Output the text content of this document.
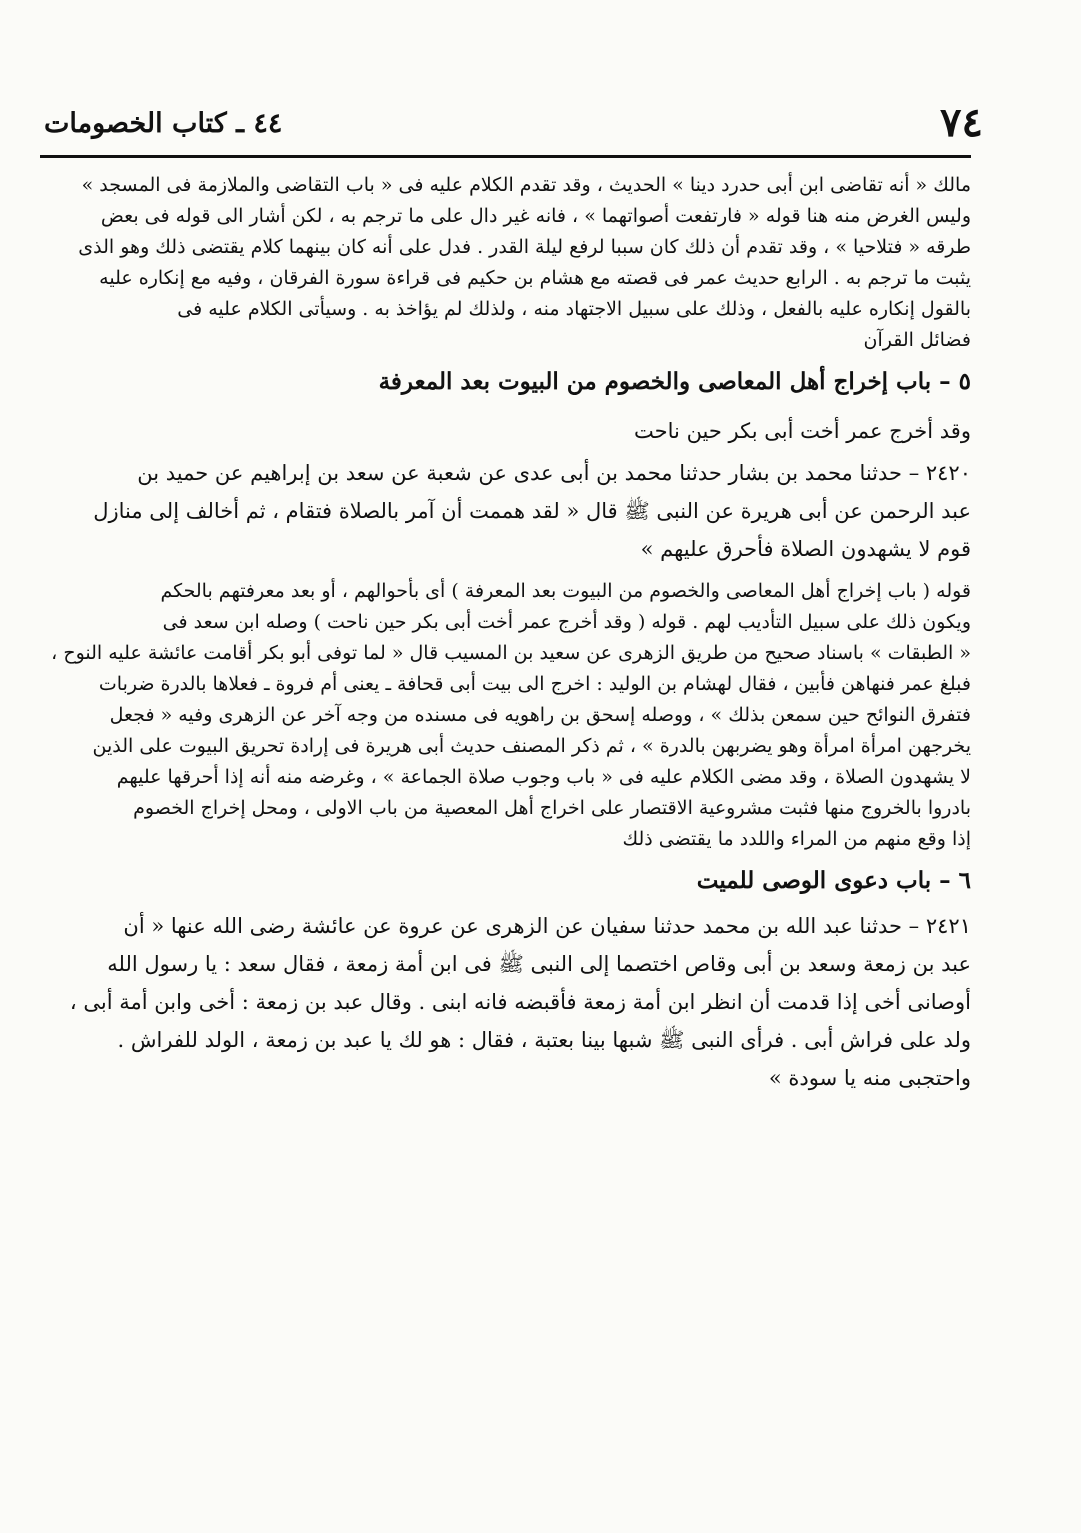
٧٤
٤٤ ـ كتاب الخصومات
مالك « أنه تقاضى ابن أبى حدرد دينا » الحديث ، وقد تقدم الكلام عليه فى « باب التقاضى والملازمة فى المسجد »
وليس الغرض منه هنا قوله « فارتفعت أصواتهما » ، فانه غير دال على ما ترجم به ، لكن أشار الى قوله فى بعض
طرقه « فتلاحيا » ، وقد تقدم أن ذلك كان سببا لرفع ليلة القدر . فدل على أنه كان بينهما كلام يقتضى ذلك وهو الذى
يثبت ما ترجم به . الرابع حديث عمر فى قصته مع هشام بن حكيم فى قراءة سورة الفرقان ، وفيه مع إنكاره عليه
بالقول إنكاره عليه بالفعل ، وذلك على سبيل الاجتهاد منه ، ولذلك لم يؤاخذ به . وسيأتى الكلام عليه فى
فضائل القرآن
٥ – باب إخراج أهل المعاصى والخصوم من البيوت بعد المعرفة
وقد أخرج عمر أخت أبى بكر حين ناحت
٢٤٢٠ – حدثنا محمد بن بشار حدثنا محمد بن أبى عدى عن شعبة عن سعد بن إبراهيم عن حميد بن
عبد الرحمن عن أبى هريرة عن النبى ﷺ قال « لقد هممت أن آمر بالصلاة فتقام ، ثم أخالف إلى منازل
قوم لا يشهدون الصلاة فأحرق عليهم »
قوله ( باب إخراج أهل المعاصى والخصوم من البيوت بعد المعرفة ) أى بأحوالهم ، أو بعد معرفتهم بالحكم
ويكون ذلك على سبيل التأديب لهم . قوله ( وقد أخرج عمر أخت أبى بكر حين ناحت ) وصله ابن سعد فى
« الطبقات » باسناد صحيح من طريق الزهرى عن سعيد بن المسيب قال « لما توفى أبو بكر أقامت عائشة عليه النوح ،
فبلغ عمر فنهاهن فأبين ، فقال لهشام بن الوليد : اخرج الى بيت أبى قحافة ـ يعنى أم فروة ـ فعلاها بالدرة ضربات
فتفرق النوائح حين سمعن بذلك » ، ووصله إسحق بن راهويه فى مسنده من وجه آخر عن الزهرى وفيه « فجعل
يخرجهن امرأة امرأة وهو يضربهن بالدرة » ، ثم ذكر المصنف حديث أبى هريرة فى إرادة تحريق البيوت على الذين
لا يشهدون الصلاة ، وقد مضى الكلام عليه فى « باب وجوب صلاة الجماعة » ، وغرضه منه أنه إذا أحرقها عليهم
بادروا بالخروج منها فثبت مشروعية الاقتصار على اخراج أهل المعصية من باب الاولى ، ومحل إخراج الخصوم
إذا وقع منهم من المراء واللدد ما يقتضى ذلك
٦ – باب دعوى الوصى للميت
٢٤٢١ – حدثنا عبد الله بن محمد حدثنا سفيان عن الزهرى عن عروة عن عائشة رضى الله عنها « أن
عبد بن زمعة وسعد بن أبى وقاص اختصما إلى النبى ﷺ فى ابن أمة زمعة ، فقال سعد : يا رسول الله
أوصانى أخى إذا قدمت أن انظر ابن أمة زمعة فأقبضه فانه ابنى . وقال عبد بن زمعة : أخى وابن أمة أبى ،
ولد على فراش أبى . فرأى النبى ﷺ شبها بينا بعتبة ، فقال : هو لك يا عبد بن زمعة ، الولد للفراش .
واحتجبى منه يا سودة »
